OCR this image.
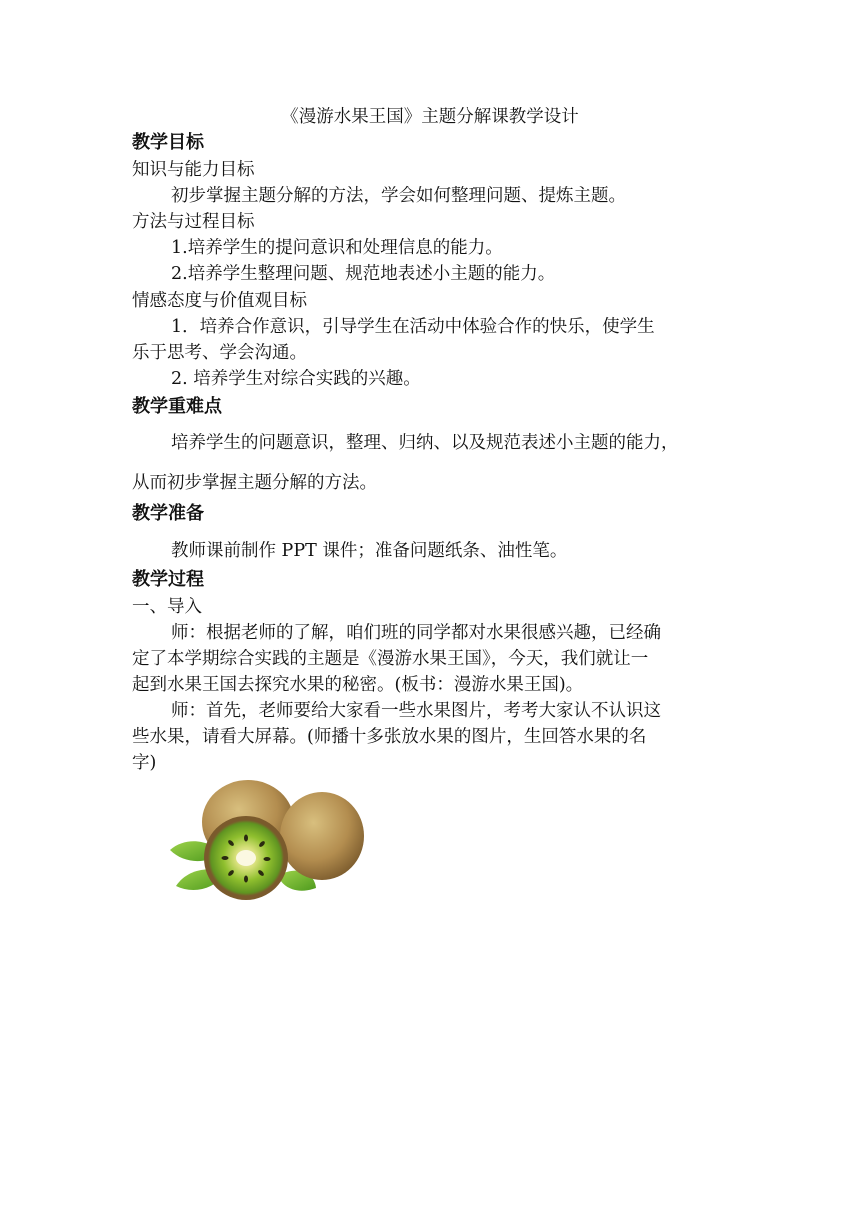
《漫游水果王国》主题分解课教学设计
教学目标
知识与能力目标
初步掌握主题分解的方法，学会如何整理问题、提炼主题。
方法与过程目标
1.培养学生的提问意识和处理信息的能力。
2.培养学生整理问题、规范地表述小主题的能力。
情感态度与价值观目标
1．培养合作意识，引导学生在活动中体验合作的快乐，使学生
乐于思考、学会沟通。
2. 培养学生对综合实践的兴趣。
教学重难点
培养学生的问题意识，整理、归纳、以及规范表述小主题的能力，
从而初步掌握主题分解的方法。
教学准备
教师课前制作 PPT 课件；准备问题纸条、油性笔。
教学过程
一、导入
师：根据老师的了解，咱们班的同学都对水果很感兴趣，已经确
定了本学期综合实践的主题是《漫游水果王国》，今天，我们就让一
起到水果王国去探究水果的秘密。(板书：漫游水果王国)。
师：首先，老师要给大家看一些水果图片，考考大家认不认识这
些水果，请看大屏幕。(师播十多张放水果的图片，生回答水果的名
字)
